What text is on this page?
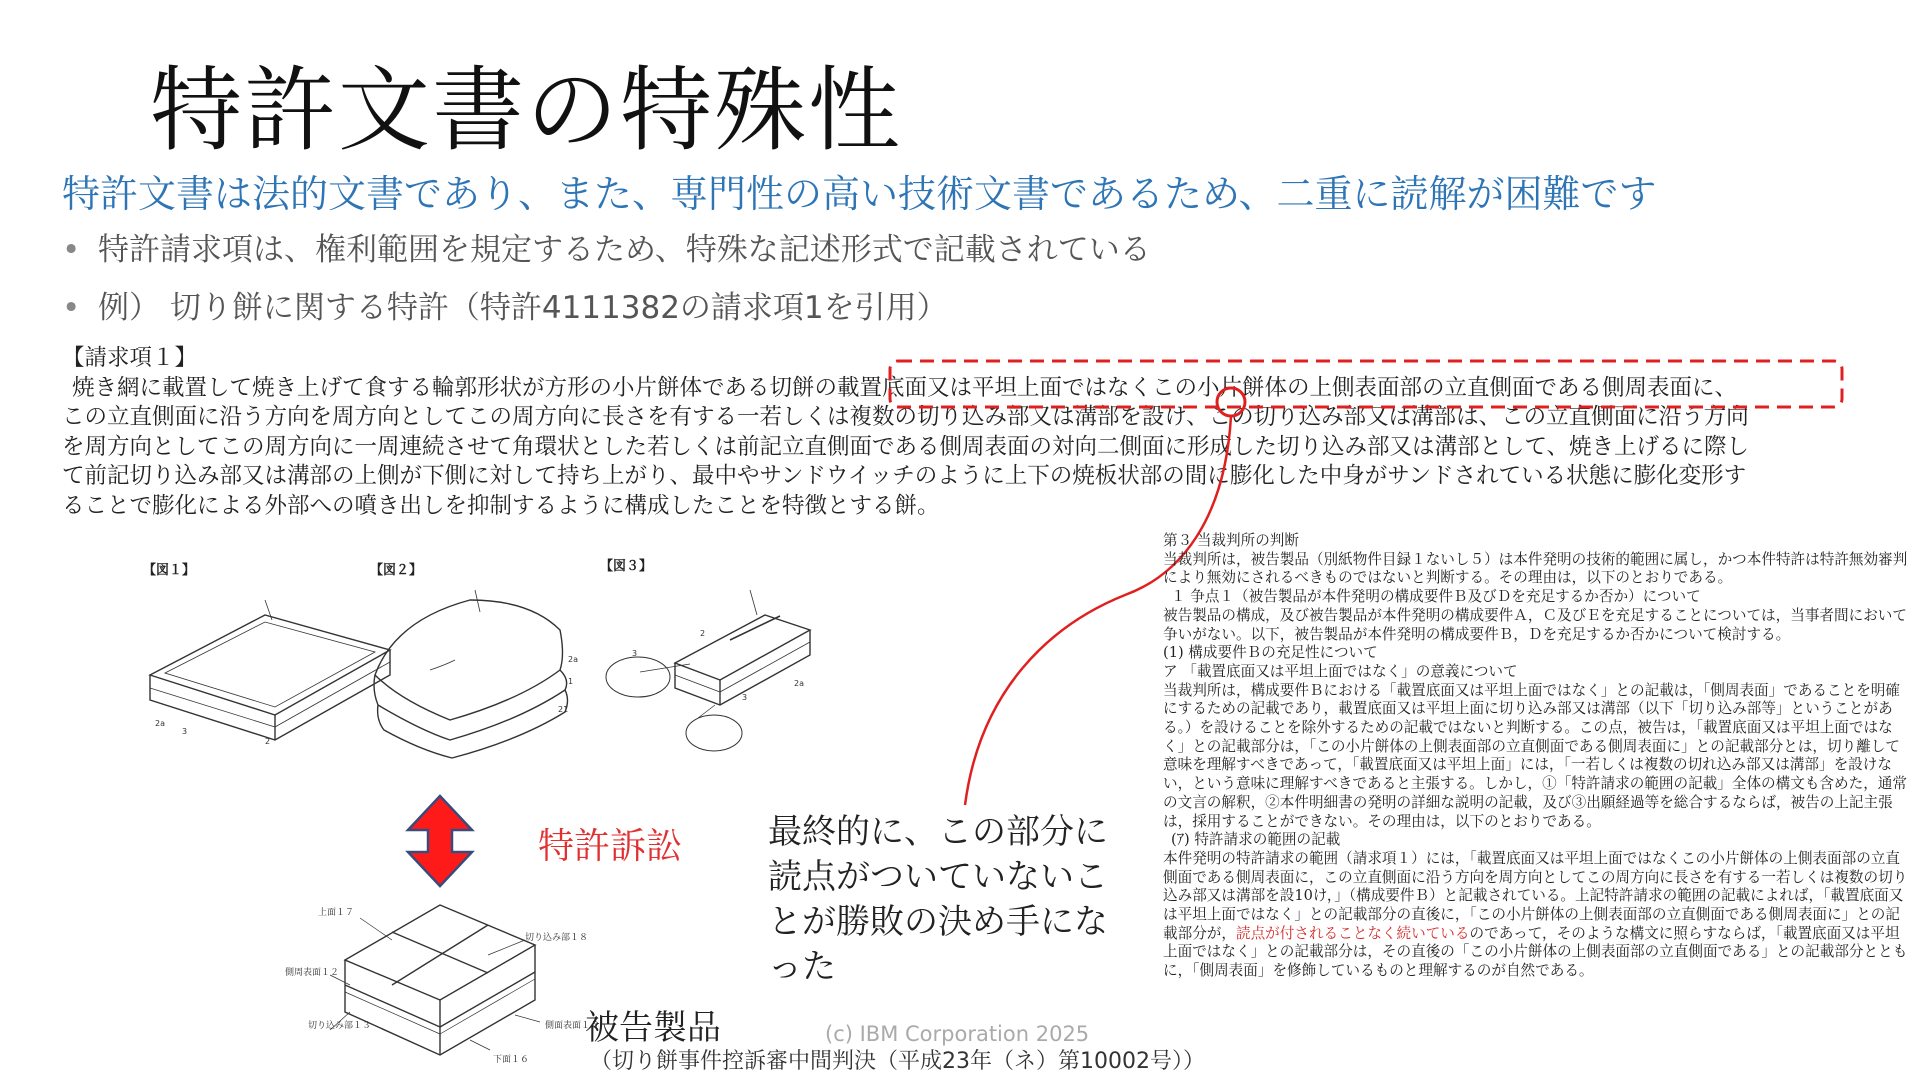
特許文書の特殊性
特許文書は法的文書であり、また、専門性の高い技術文書であるため、二重に読解が困難です
• 特許請求項は、権利範囲を規定するため、特殊な記述形式で記載されている
• 例） 切り餅に関する特許（特許4111382の請求項1を引用）
【請求項１】
焼き網に載置して焼き上げて食する輪郭形状が方形の小片餅体である切餅の載置底面又は平坦上面ではなくこの小片餅体の上側表面部の立直側面である側周表面に、
この立直側面に沿う方向を周方向としてこの周方向に長さを有する一若しくは複数の切り込み部又は溝部を設け、この切り込み部又は溝部は、この立直側面に沿う方向
を周方向としてこの周方向に一周連続させて角環状とした若しくは前記立直側面である側周表面の対向二側面に形成した切り込み部又は溝部として、焼き上げるに際し
て前記切り込み部又は溝部の上側が下側に対して持ち上がり、最中やサンドウイッチのように上下の焼板状部の間に膨化した中身がサンドされている状態に膨化変形す
ることで膨化による外部への噴き出しを抑制するように構成したことを特徴とする餅。
【図１】
2a
3
2
【図２】
2a
1
21
【図３】
3
2
2a
3
上面１７
切り込み部１８
側周表面１２
切り込み部１３	側面表面１５
下面１６
特許訴訟	最終的に、この部分に読点がついていないことが勝敗の決め手になった
被告製品	(c) IBM Corporation 2025
（切り餅事件控訴審中間判決（平成23年（ネ）第10002号））

第３ 当裁判所の判断

当裁判所は，被告製品（別紙物件目録１ないし５）は本件発明の技術的範囲に属し，かつ本件特許は特許無効審判により無効にされるべきものではないと判断する。その理由は，以下のとおりである。

１ 争点１（被告製品が本件発明の構成要件Ｂ及びＤを充足するか否か）について

被告製品の構成，及び被告製品が本件発明の構成要件Ａ，Ｃ及びＥを充足することについては，当事者間において争いがない。以下，被告製品が本件発明の構成要件Ｂ，Ｄを充足するか否かについて検討する。

(1) 構成要件Ｂの充足性について

ア 「載置底面又は平坦上面ではなく」の意義について

当裁判所は，構成要件Ｂにおける「載置底面又は平坦上面ではなく」との記載は，「側周表面」であることを明確にするための記載であり，載置底面又は平坦上面に切り込み部又は溝部（以下「切り込み部等」ということがある。）を設けることを除外するための記載ではないと判断する。この点，被告は，「載置底面又は平坦上面ではなく」との記載部分は，「この小片餅体の上側表面部の立直側面である側周表面に」との記載部分とは，切り離して意味を理解すべきであって，「載置底面又は平坦上面」には，「一若しくは複数の切れ込み部又は溝部」を設けない，という意味に理解すべきであると主張する。しかし，①「特許請求の範囲の記載」全体の構文も含めた，通常の文言の解釈，②本件明細書の発明の詳細な説明の記載，及び③出願経過等を総合するならば，被告の上記主張は，採用することができない。その理由は，以下のとおりである。

(ｱ) 特許請求の範囲の記載

本件発明の特許請求の範囲（請求項１）には，「載置底面又は平坦上面ではなくこの小片餅体の上側表面部の立直側面である側周表面に，この立直側面に沿う方向を周方向としてこの周方向に長さを有する一若しくは複数の切り込み部又は溝部を設10け，」（構成要件Ｂ）と記載されている。上記特許請求の範囲の記載によれば，「載置底面又は平坦上面ではなく」との記載部分の直後に，「この小片餅体の上側表面部の立直側面である側周表面に」との記載部分が，読点が付されることなく続いているのであって，そのような構文に照らすならば，「載置底面又は平坦上面ではなく」との記載部分は，その直後の「この小片餅体の上側表面部の立直側面である」との記載部分とともに，「側周表面」を修飾しているものと理解するのが自然である。
